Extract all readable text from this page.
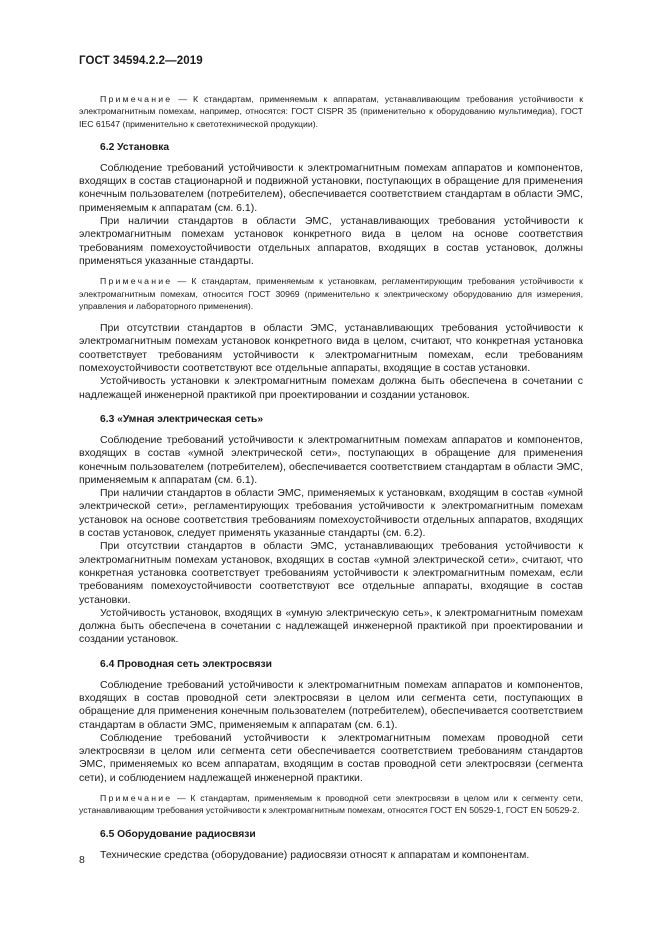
ГОСТ 34594.2.2—2019

Примечание — К стандартам, применяемым к аппаратам, устанавливающим требования устойчивости к электромагнитным помехам, например, относятся: ГОСТ CISPR 35 (применительно к оборудованию мультимедиа), ГОСТ IEC 61547 (применительно к светотехнической продукции).

6.2 Установка

Соблюдение требований устойчивости к электромагнитным помехам аппаратов и компонентов, входящих в состав стационарной и подвижной установки, поступающих в обращение для применения конечным пользователем (потребителем), обеспечивается соответствием стандартам в области ЭМС, применяемым к аппаратам (см. 6.1).

При наличии стандартов в области ЭМС, устанавливающих требования устойчивости к электромагнитным помехам установок конкретного вида в целом на основе соответствия требованиям помехоустойчивости отдельных аппаратов, входящих в состав установок, должны применяться указанные стандарты.

Примечание — К стандартам, применяемым к установкам, регламентирующим требования устойчивости к электромагнитным помехам, относится ГОСТ 30969 (применительно к электрическому оборудованию для измерения, управления и лабораторного применения).

При отсутствии стандартов в области ЭМС, устанавливающих требования устойчивости к электромагнитным помехам установок конкретного вида в целом, считают, что конкретная установка соответствует требованиям устойчивости к электромагнитным помехам, если требованиям помехоустойчивости соответствуют все отдельные аппараты, входящие в состав установки.

Устойчивость установки к электромагнитным помехам должна быть обеспечена в сочетании с надлежащей инженерной практикой при проектировании и создании установок.

6.3 «Умная электрическая сеть»

Соблюдение требований устойчивости к электромагнитным помехам аппаратов и компонентов, входящих в состав «умной электрической сети», поступающих в обращение для применения конечным пользователем (потребителем), обеспечивается соответствием стандартам в области ЭМС, применяемым к аппаратам (см. 6.1).

При наличии стандартов в области ЭМС, применяемых к установкам, входящим в состав «умной электрической сети», регламентирующих требования устойчивости к электромагнитным помехам установок на основе соответствия требованиям помехоустойчивости отдельных аппаратов, входящих в состав установок, следует применять указанные стандарты (см. 6.2).

При отсутствии стандартов в области ЭМС, устанавливающих требования устойчивости к электромагнитным помехам установок, входящих в состав «умной электрической сети», считают, что конкретная установка соответствует требованиям устойчивости к электромагнитным помехам, если требованиям помехоустойчивости соответствуют все отдельные аппараты, входящие в состав установки.

Устойчивость установок, входящих в «умную электрическую сеть», к электромагнитным помехам должна быть обеспечена в сочетании с надлежащей инженерной практикой при проектировании и создании установок.

6.4 Проводная сеть электросвязи

Соблюдение требований устойчивости к электромагнитным помехам аппаратов и компонентов, входящих в состав проводной сети электросвязи в целом или сегмента сети, поступающих в обращение для применения конечным пользователем (потребителем), обеспечивается соответствием стандартам в области ЭМС, применяемым к аппаратам (см. 6.1).

Соблюдение требований устойчивости к электромагнитным помехам проводной сети электросвязи в целом или сегмента сети обеспечивается соответствием требованиям стандартов ЭМС, применяемых ко всем аппаратам, входящим в состав проводной сети электросвязи (сегмента сети), и соблюдением надлежащей инженерной практики.

Примечание — К стандартам, применяемым к проводной сети электросвязи в целом или к сегменту сети, устанавливающим требования устойчивости к электромагнитным помехам, относятся ГОСТ EN 50529-1, ГОСТ EN 50529-2.

6.5 Оборудование радиосвязи

Технические средства (оборудование) радиосвязи относят к аппаратам и компонентам.

8
